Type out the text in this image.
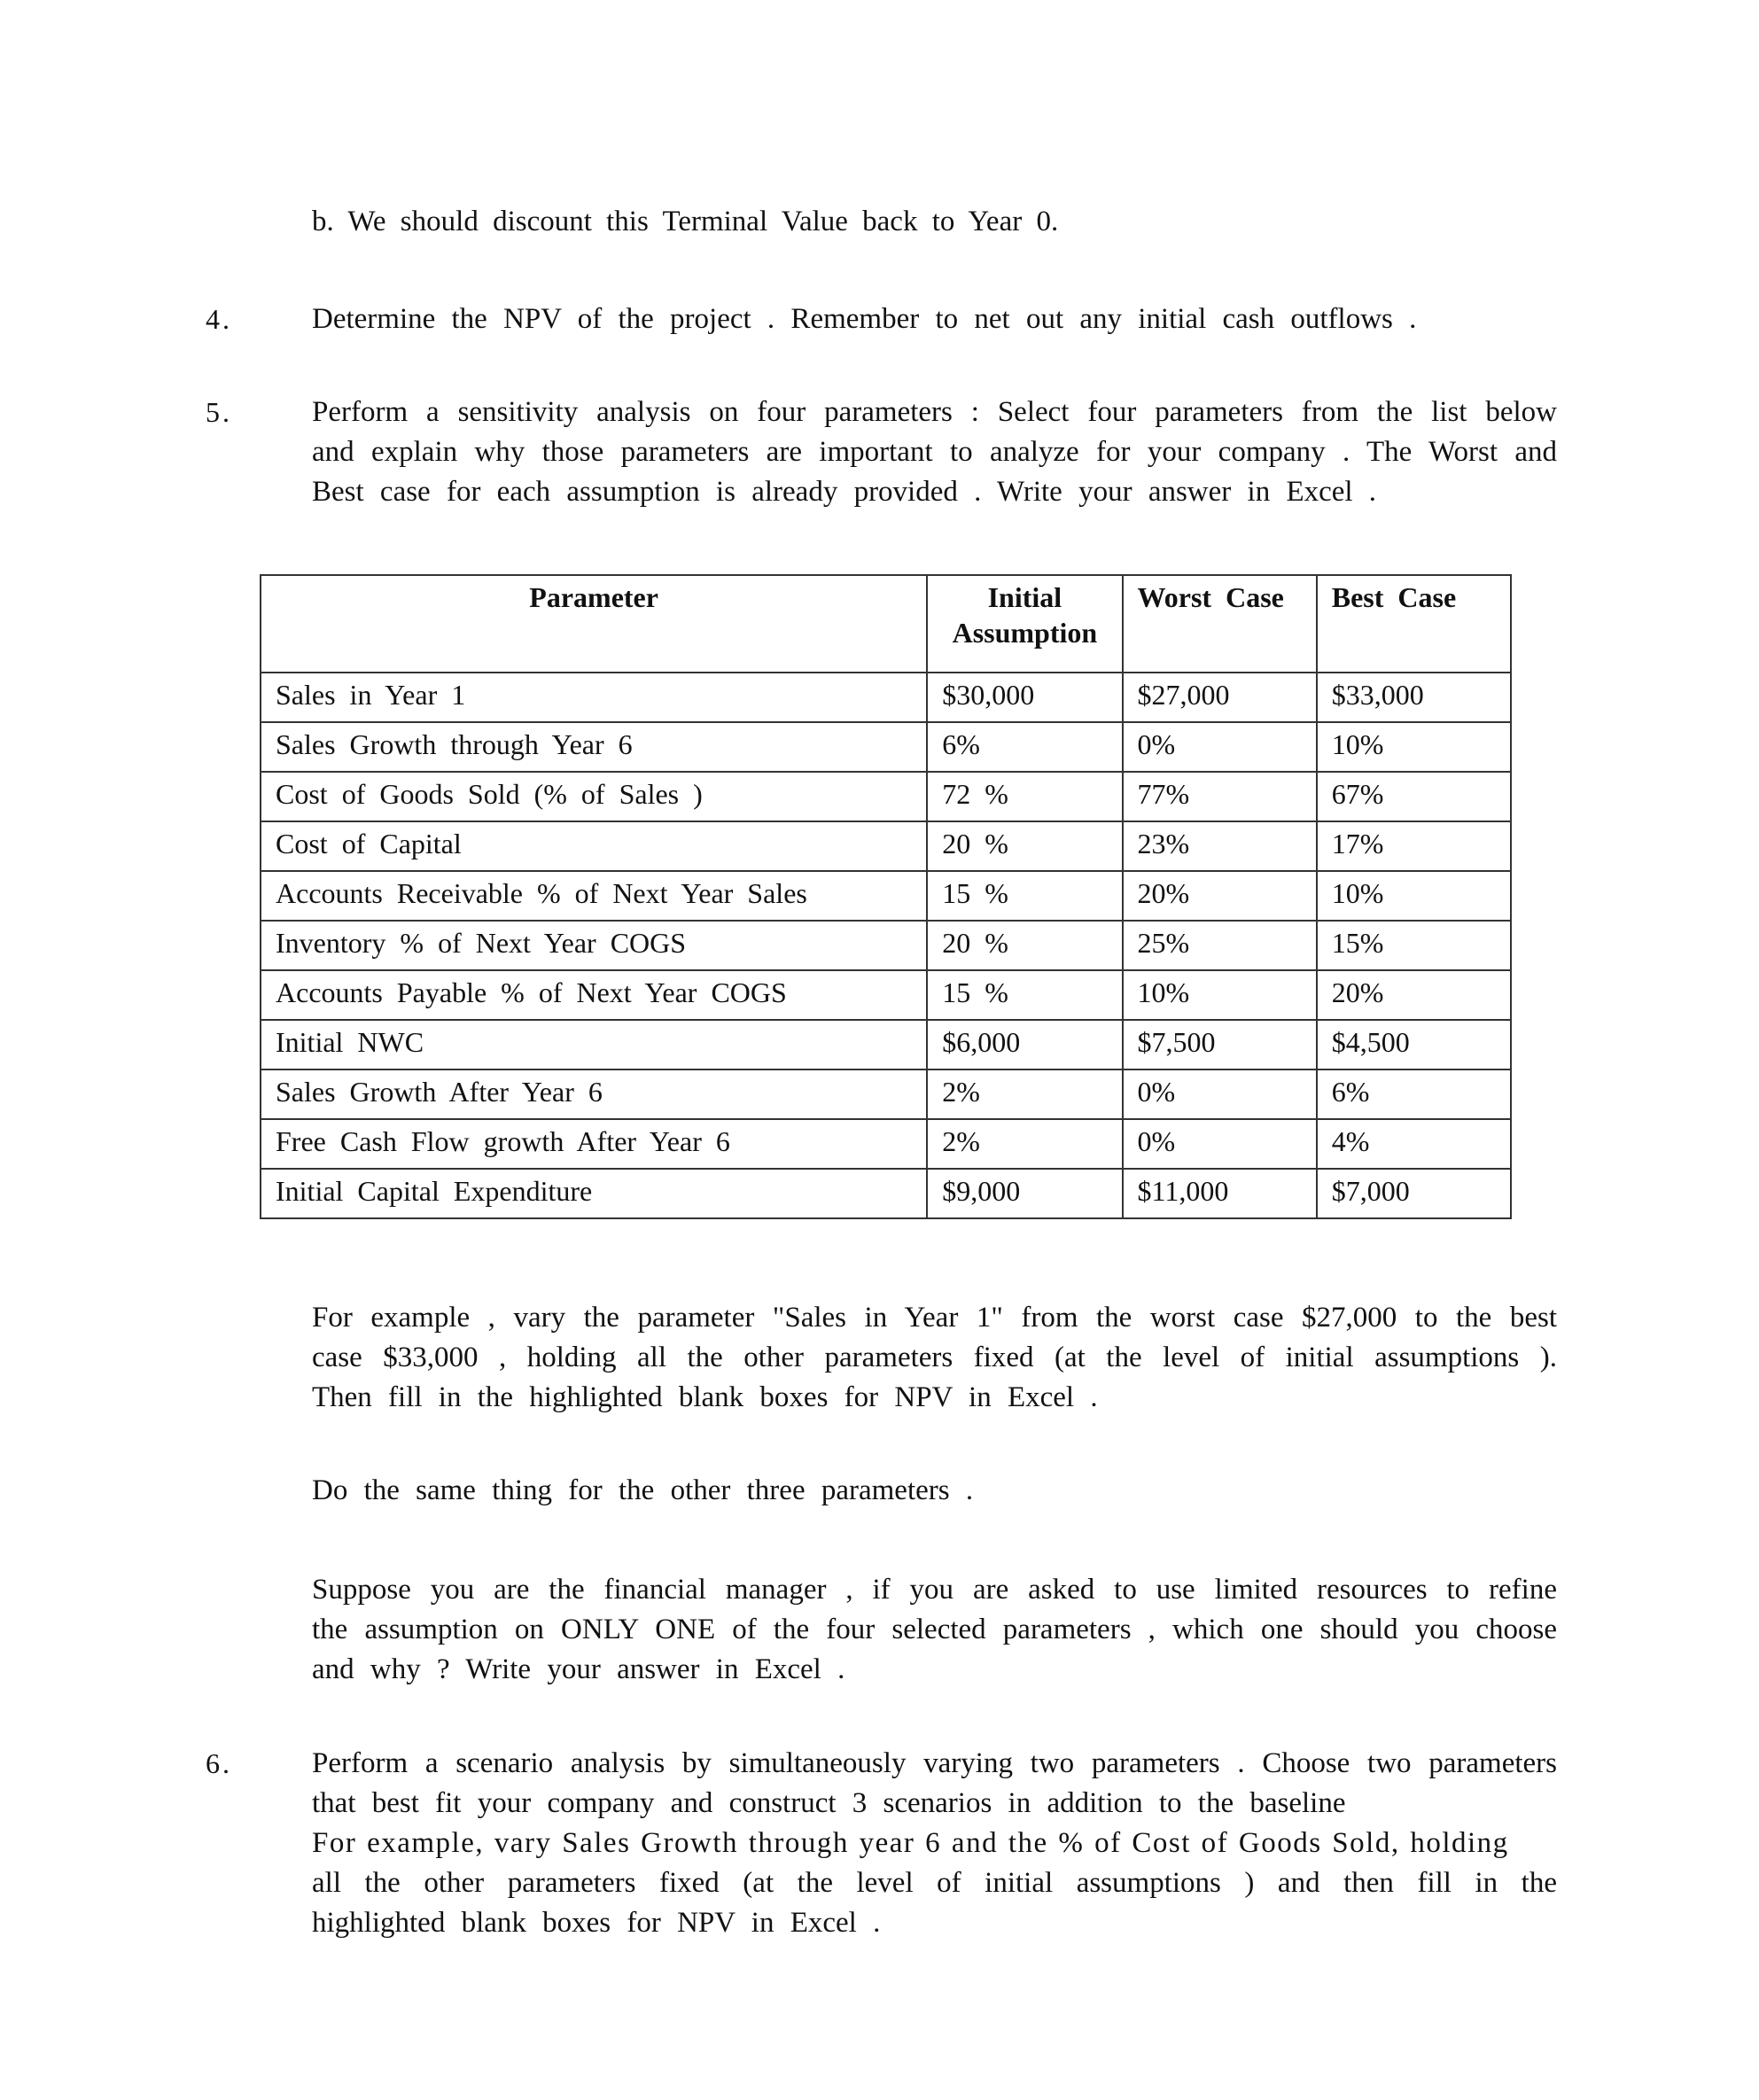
b. We should discount this Terminal Value back to Year 0.
4.	Determine the NPV of the project . Remember to net out any initial cash outflows .
5.	Perform a sensitivity analysis on four parameters : Select four parameters from the list below and explain why those parameters are important to analyze for your company . The Worst and Best case for each assumption is already provided . Write your answer in Excel .
Parameter	Initial Assumption	Worst Case	Best Case
Sales in Year 1	$30,000	$27,000	$33,000
Sales Growth through Year 6	6%	0%	10%
Cost of Goods Sold (% of Sales )	72 %	77%	67%
Cost of Capital	20 %	23%	17%
Accounts Receivable % of Next Year Sales	15 %	20%	10%
Inventory % of Next Year COGS	20 %	25%	15%
Accounts Payable % of Next Year COGS	15 %	10%	20%
Initial NWC	$6,000	$7,500	$4,500
Sales Growth After Year 6	2%	0%	6%
Free Cash Flow growth After Year 6	2%	0%	4%
Initial Capital Expenditure	$9,000	$11,000	$7,000
For example , vary the parameter "Sales in Year 1" from the worst case $27,000 to the best case $33,000 , holding all the other parameters fixed (at the level of initial assumptions ). Then fill in the highlighted blank boxes for NPV in Excel .
Do the same thing for the other three parameters .
Suppose you are the financial manager , if you are asked to use limited resources to refine the assumption on ONLY ONE of the four selected parameters , which one should you choose and why ? Write your answer in Excel .
6.	Perform a scenario analysis by simultaneously varying two parameters . Choose two parameters that best fit your company and construct 3 scenarios in addition to the baseline
For example, vary Sales Growth through year 6 and the % of Cost of Goods Sold, holding
all the other parameters fixed (at the level of initial assumptions ) and then fill in the highlighted blank boxes for NPV in Excel .
